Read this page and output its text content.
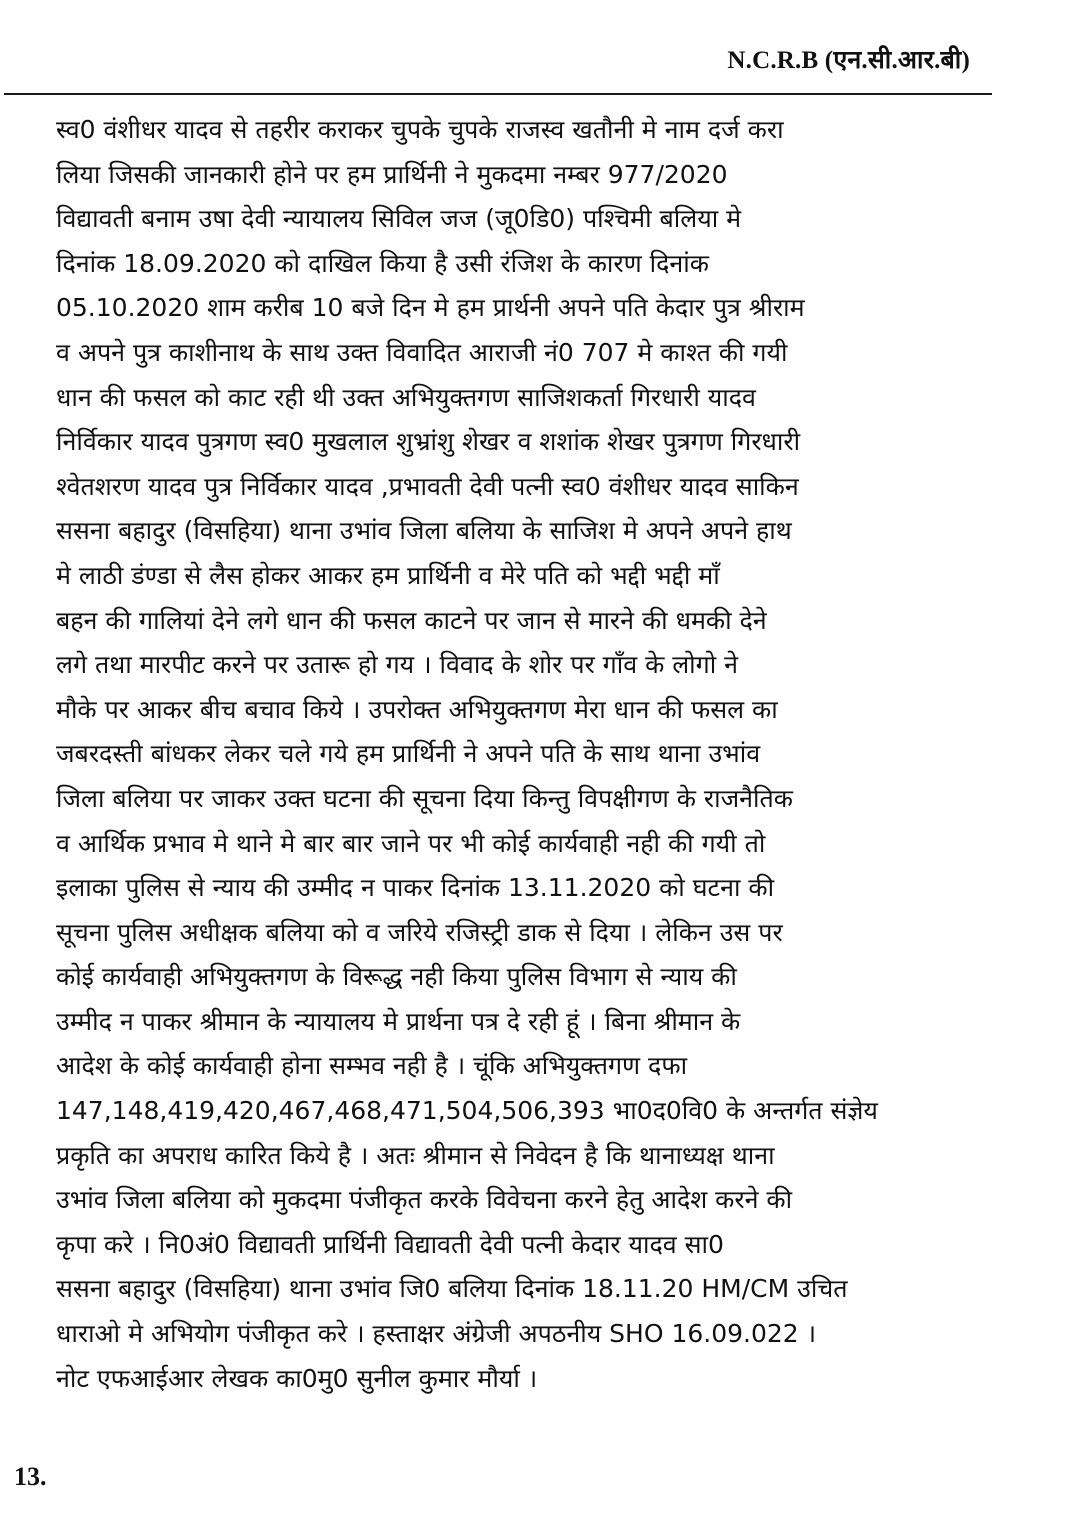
N.C.R.B (एन.सी.आर.बी)
स्व0 वंशीधर यादव से तहरीर कराकर चुपके चुपके राजस्व खतौनी मे नाम दर्ज करा
लिया जिसकी जानकारी होने पर हम प्रार्थिनी ने मुकदमा नम्बर 977/2020
विद्यावती बनाम उषा देवी न्यायालय सिविल जज (जू0डि0) पश्चिमी बलिया मे
दिनांक 18.09.2020 को दाखिल किया है उसी रंजिश के कारण दिनांक
05.10.2020 शाम करीब 10 बजे दिन मे हम प्रार्थनी अपने पति केदार पुत्र श्रीराम
व अपने पुत्र काशीनाथ के साथ उक्त विवादित आराजी नं0 707 मे काश्त की गयी
धान की फसल को काट रही थी उक्त अभियुक्तगण साजिशकर्ता गिरधारी यादव
निर्विकार यादव पुत्रगण स्व0 मुखलाल शुभ्रांशु शेखर व शशांक शेखर पुत्रगण गिरधारी
श्वेतशरण यादव पुत्र निर्विकार यादव ,प्रभावती देवी पत्नी स्व0 वंशीधर यादव साकिन
ससना बहादुर (विसहिया) थाना उभांव जिला बलिया के साजिश मे अपने अपने हाथ
मे लाठी डंण्डा से लैस होकर आकर हम प्रार्थिनी व मेरे पति को भद्दी भद्दी माँ
बहन की गालियां देने लगे धान की फसल काटने पर जान से मारने की धमकी देने
लगे तथा मारपीट करने पर उतारू हो गय । विवाद के शोर पर गाँव के लोगो ने
मौके पर आकर बीच बचाव किये । उपरोक्त अभियुक्तगण मेरा धान की फसल का
जबरदस्ती बांधकर लेकर चले गये हम प्रार्थिनी ने अपने पति के साथ थाना उभांव
जिला बलिया पर जाकर उक्त घटना की सूचना दिया किन्तु विपक्षीगण के राजनैतिक
व आर्थिक प्रभाव मे थाने मे बार बार जाने पर भी कोई कार्यवाही नही की गयी तो
इलाका पुलिस से न्याय की उम्मीद न पाकर दिनांक 13.11.2020 को घटना की
सूचना पुलिस अधीक्षक बलिया को व जरिये रजिस्ट्री डाक से दिया । लेकिन उस पर
कोई कार्यवाही अभियुक्तगण के विरूद्ध नही किया पुलिस विभाग से न्याय की
उम्मीद न पाकर श्रीमान के न्यायालय मे प्रार्थना पत्र दे रही हूं । बिना श्रीमान के
आदेश के कोई कार्यवाही होना सम्भव नही है । चूंकि अभियुक्तगण दफा
147,148,419,420,467,468,471,504,506,393 भा0द0वि0 के अन्तर्गत संज्ञेय
प्रकृति का अपराध कारित किये है । अतः श्रीमान से निवेदन है कि थानाध्यक्ष थाना
उभांव जिला बलिया को मुकदमा पंजीकृत करके विवेचना करने हेतु आदेश करने की
कृपा करे । नि0अं0 विद्यावती प्रार्थिनी विद्यावती देवी पत्नी केदार यादव सा0
ससना बहादुर (विसहिया) थाना उभांव जि0 बलिया दिनांक 18.11.20 HM/CM उचित
धाराओ मे अभियोग पंजीकृत करे । हस्ताक्षर अंग्रेजी अपठनीय SHO 16.09.022 ।
नोट एफआईआर लेखक का0मु0 सुनील कुमार मौर्या ।
13.
